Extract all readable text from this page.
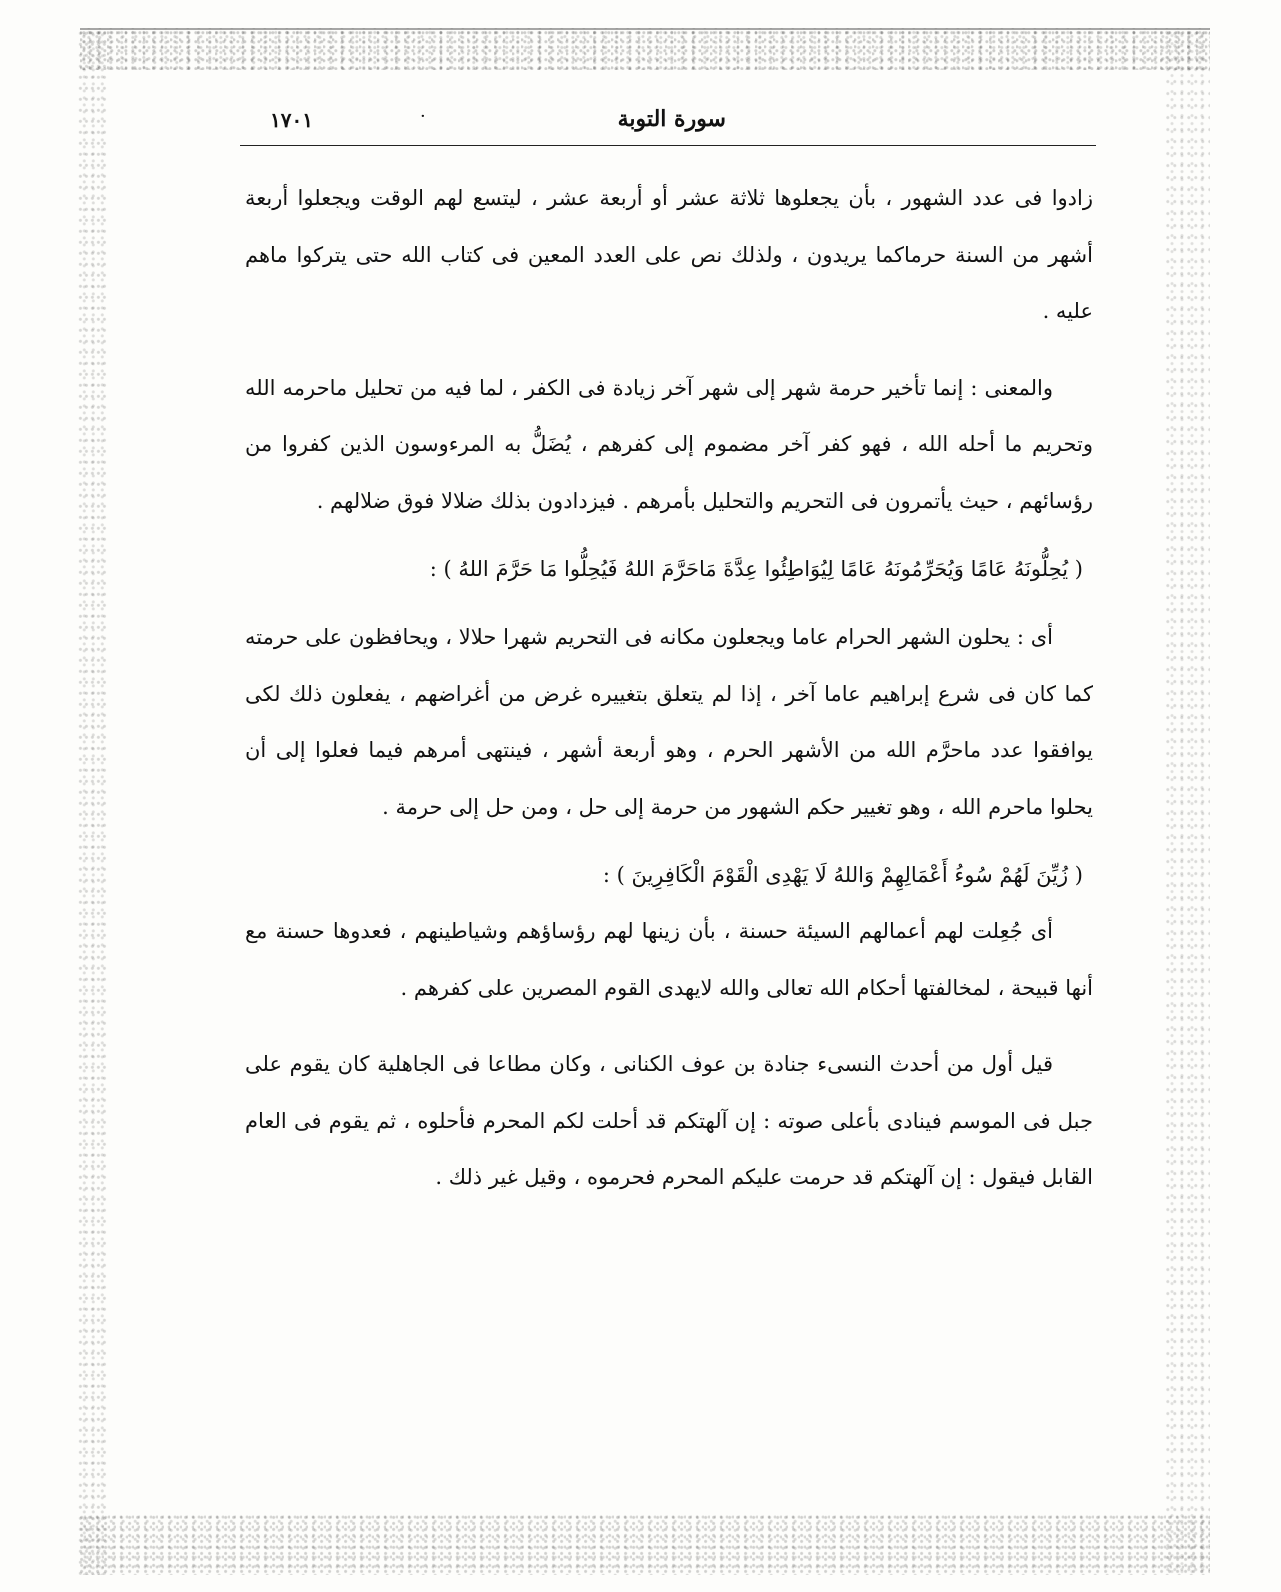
سورة التوبة
·
١٧٠١

زادوا فى عدد الشهور ، بأن يجعلوها ثلاثة عشر أو أربعة عشر ، ليتسع لهم الوقت ويجعلوا أربعة أشهر من السنة حرماكما يريدون ، ولذلك نص على العدد المعين فى كتاب الله حتى يتركوا ماهم عليه .

والمعنى : إنما تأخير حرمة شهر إلى شهر آخر زيادة فى الكفر ، لما فيه من تحليل ماحرمه الله وتحريم ما أحله الله ، فهو كفر آخر مضموم إلى كفرهم ، يُضَلُّ به المرءوسون الذين كفروا من رؤسائهم ، حيث يأتمرون فى التحريم والتحليل بأمرهم . فيزدادون بذلك ضلالا فوق ضلالهم .

( يُحِلُّونَهُ عَامًا وَيُحَرِّمُونَهُ عَامًا لِيُوَاطِئُوا عِدَّةَ مَاحَرَّمَ اللهُ فَيُحِلُّوا مَا حَرَّمَ اللهُ ) :

أى : يحلون الشهر الحرام عاما ويجعلون مكانه فى التحريم شهرا حلالا ، ويحافظون على حرمته كما كان فى شرع إبراهيم عاما آخر ، إذا لم يتعلق بتغييره غرض من أغراضهم ، يفعلون ذلك لكى يوافقوا عدد ماحرَّم الله من الأشهر الحرم ، وهو أربعة أشهر ، فينتهى أمرهم فيما فعلوا إلى أن يحلوا ماحرم الله ، وهو تغيير حكم الشهور من حرمة إلى حل ، ومن حل إلى حرمة .

( زُيِّنَ لَهُمْ سُوءُ أَعْمَالِهِمْ وَاللهُ لَا يَهْدِى الْقَوْمَ الْكَافِرِينَ ) :

أى جُعِلت لهم أعمالهم السيئة حسنة ، بأن زينها لهم رؤساؤهم وشياطينهم ، فعدوها حسنة مع أنها قبيحة ، لمخالفتها أحكام الله تعالى والله لايهدى القوم المصرين على كفرهم .

قيل أول من أحدث النسىء جنادة بن عوف الكنانى ، وكان مطاعا فى الجاهلية كان يقوم على جبل فى الموسم فينادى بأعلى صوته : إن آلهتكم قد أحلت لكم المحرم فأحلوه ، ثم يقوم فى العام القابل فيقول : إن آلهتكم قد حرمت عليكم المحرم فحرموه ، وقيل غير ذلك .
